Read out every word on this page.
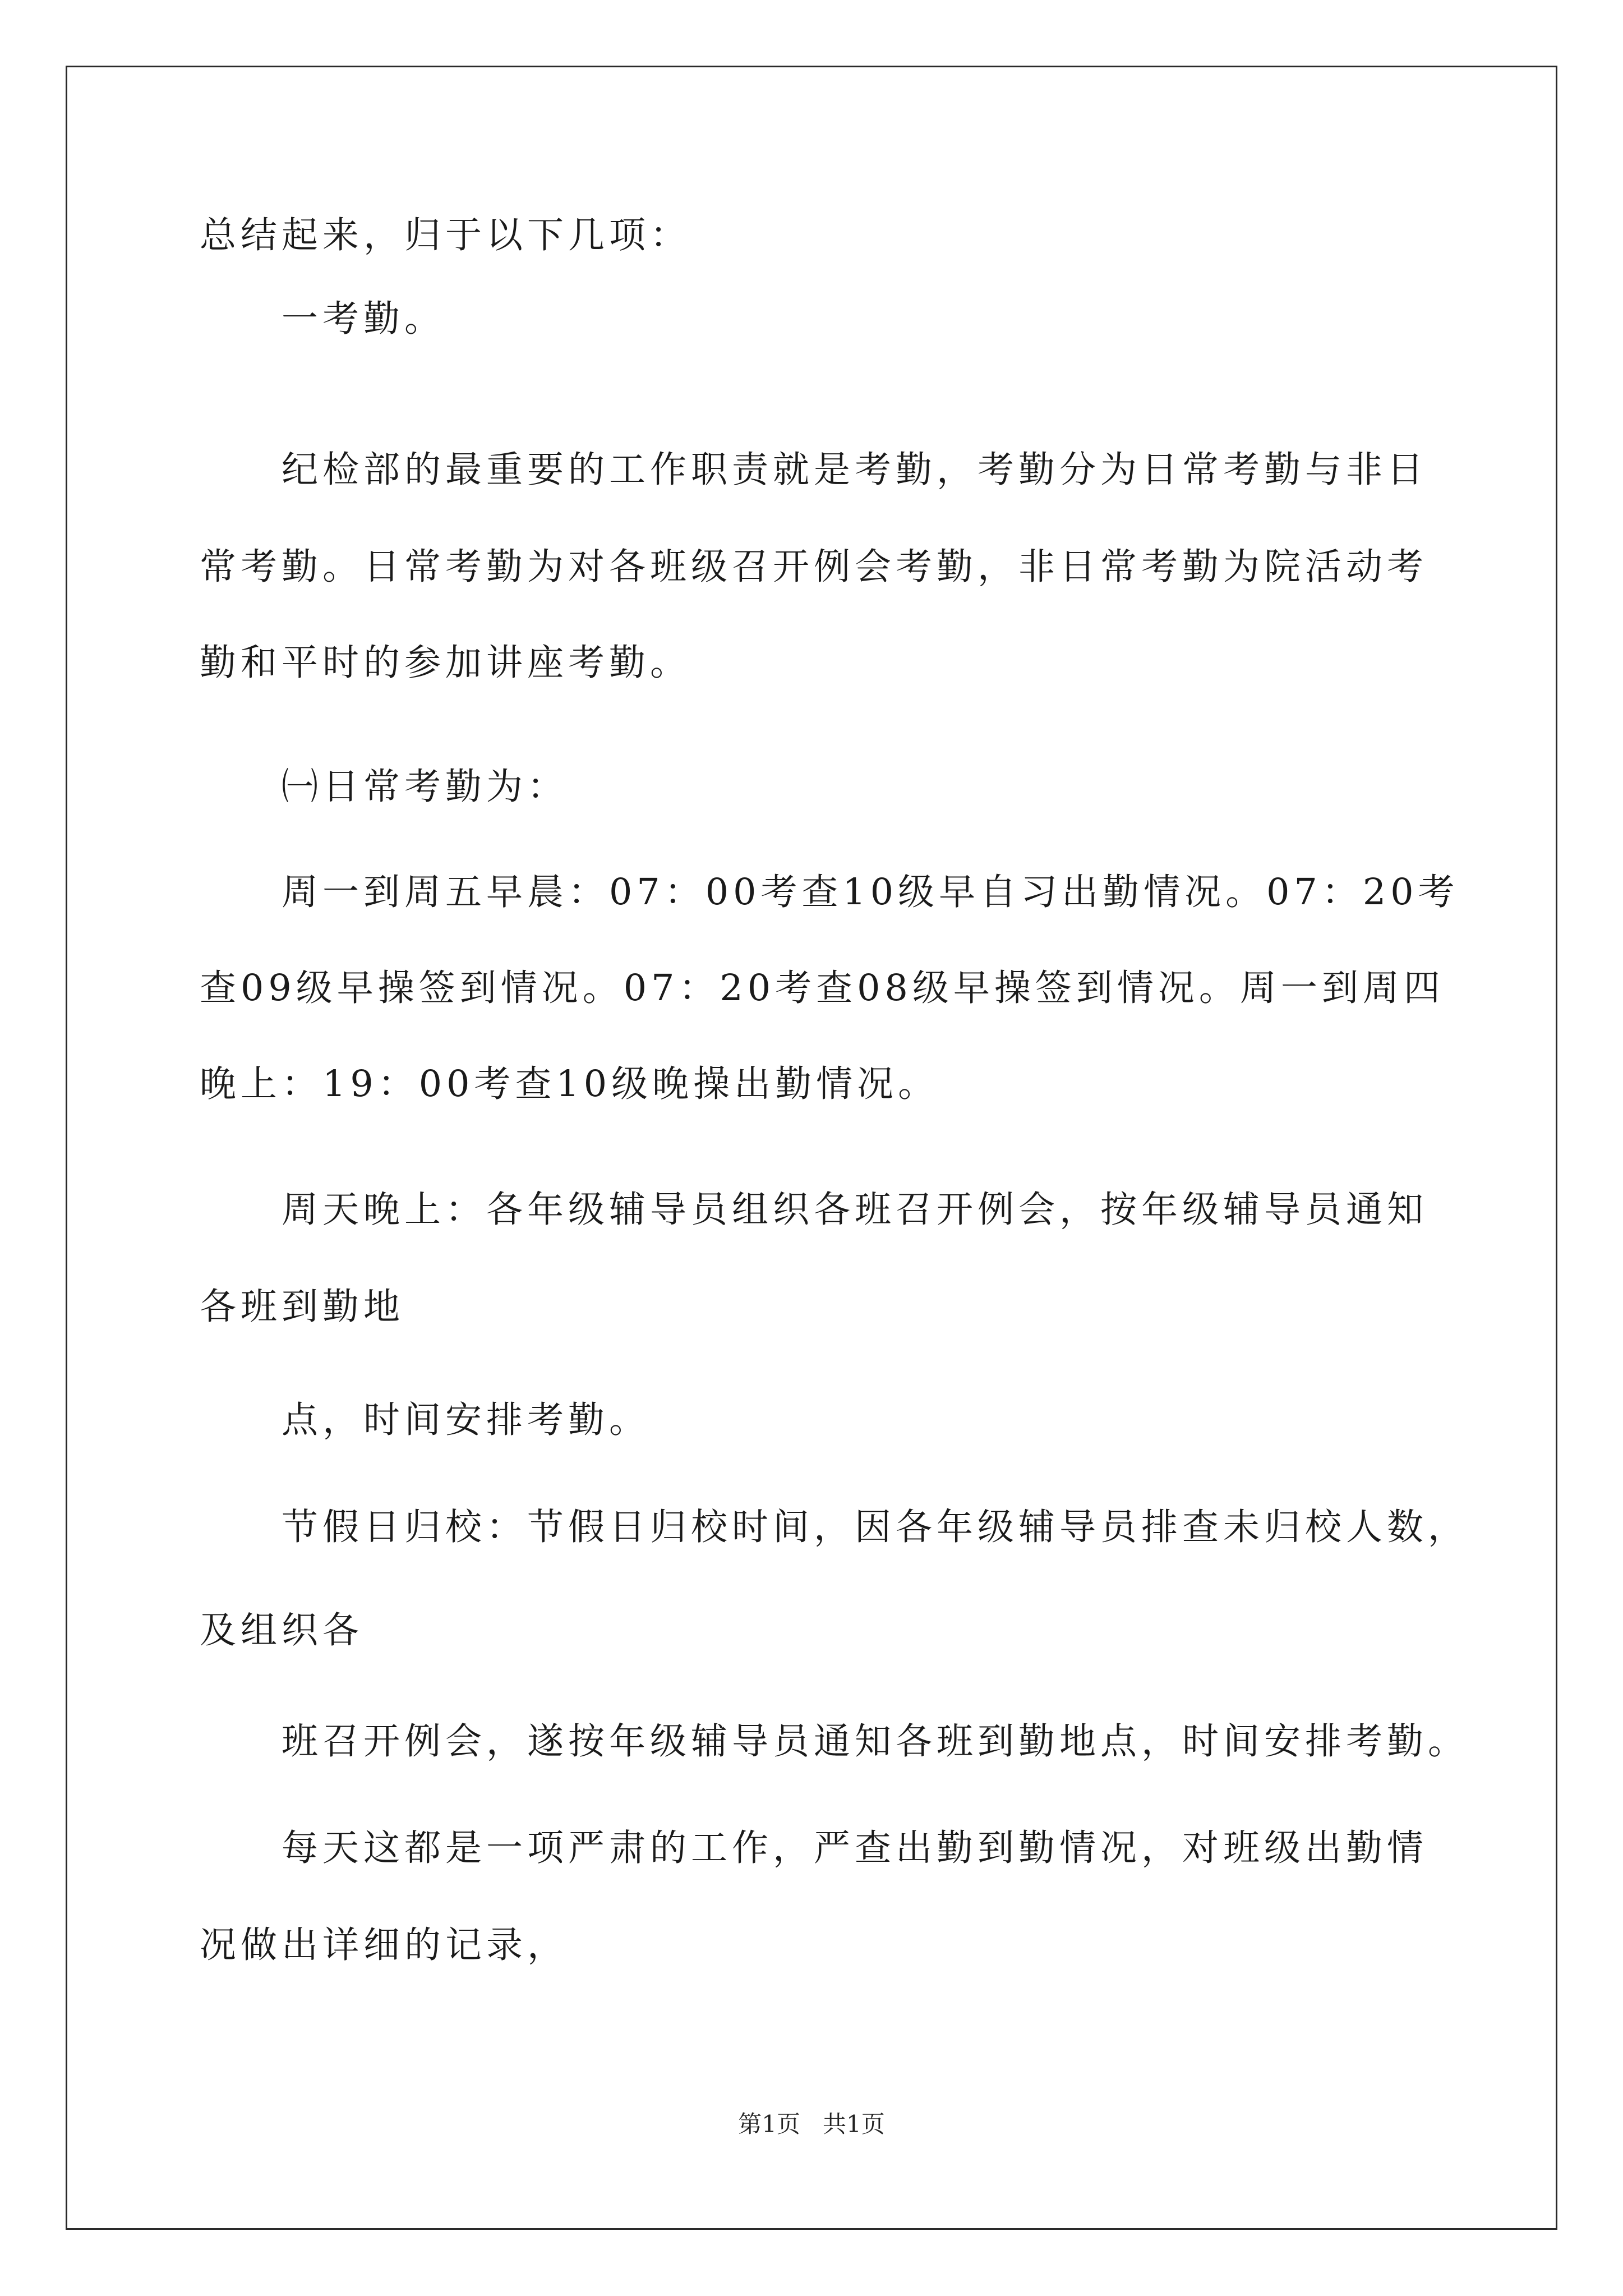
总结起来，归于以下几项：
一考勤。
纪检部的最重要的工作职责就是考勤，考勤分为日常考勤与非日
常考勤。日常考勤为对各班级召开例会考勤，非日常考勤为院活动考
勤和平时的参加讲座考勤。
㈠日常考勤为：
周一到周五早晨：07：00考查10级早自习出勤情况。07：20考
查09级早操签到情况。07：20考查08级早操签到情况。周一到周四
晚上：19：00考查10级晚操出勤情况。
周天晚上：各年级辅导员组织各班召开例会，按年级辅导员通知
各班到勤地
点，时间安排考勤。
节假日归校：节假日归校时间，因各年级辅导员排查未归校人数，
及组织各
班召开例会，遂按年级辅导员通知各班到勤地点，时间安排考勤。
每天这都是一项严肃的工作，严查出勤到勤情况，对班级出勤情
况做出详细的记录，
第1页   共1页
